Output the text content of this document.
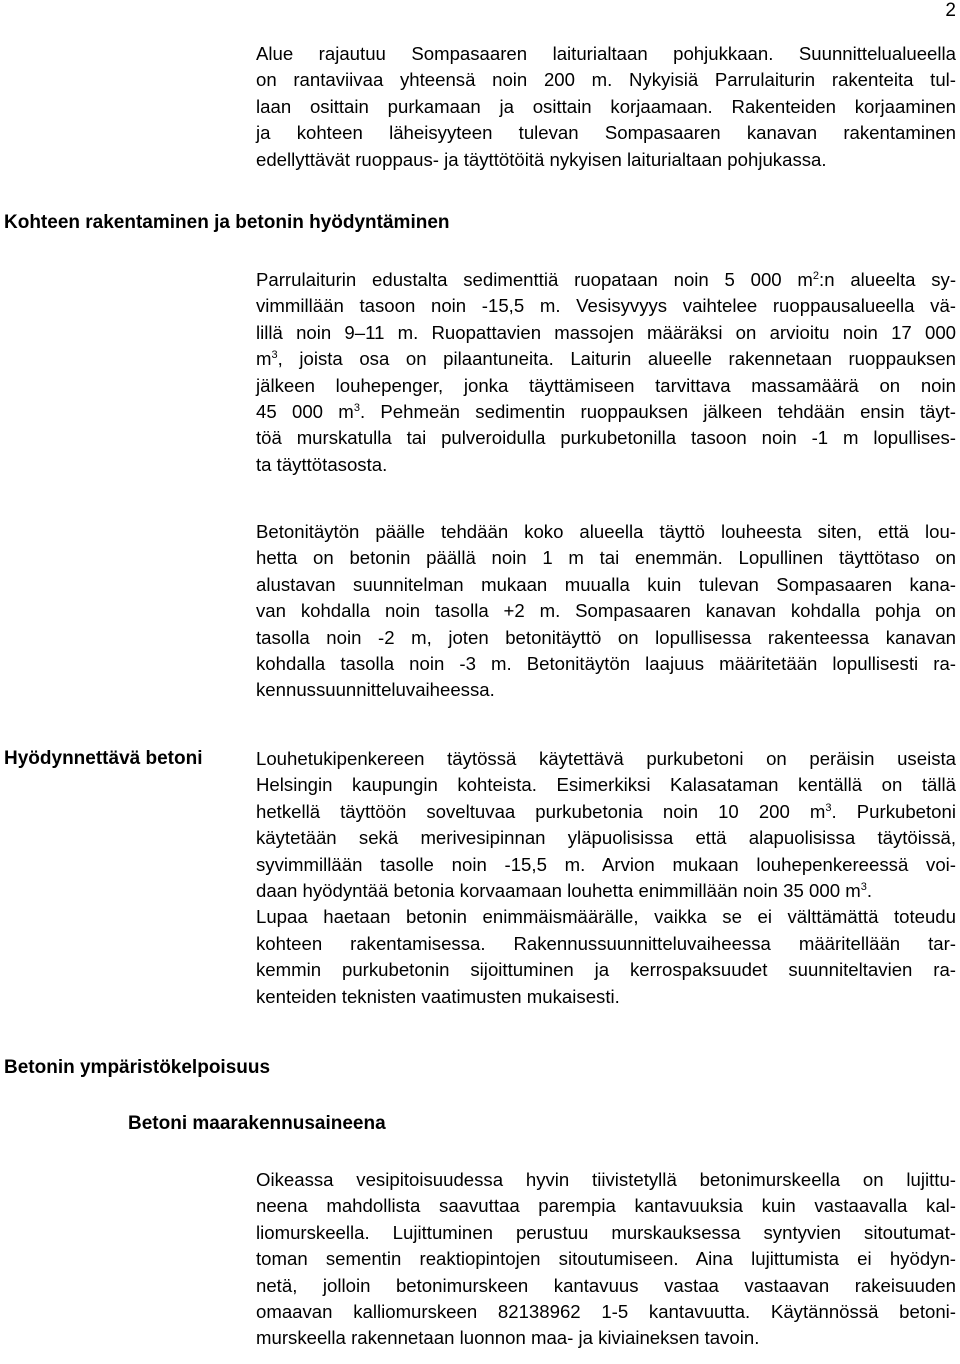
2
Alue rajautuu Sompasaaren laiturialtaan pohjukkaan. Suunnittelualueella
on rantaviivaa yhteensä noin 200 m. Nykyisiä Parrulaiturin rakenteita tul-
laan osittain purkamaan ja osittain korjaamaan. Rakenteiden korjaaminen
ja kohteen läheisyyteen tulevan Sompasaaren kanavan rakentaminen
edellyttävät ruoppaus- ja täyttötöitä nykyisen laiturialtaan pohjukassa.
Kohteen rakentaminen ja betonin hyödyntäminen
Parrulaiturin edustalta sedimenttiä ruopataan noin 5 000 $m^2:n$ alueelta sy-
vimmillään tasoon noin -15,5 m. Vesisyvyys vaihtelee ruoppausalueella vä-
lillä noin 9–11 m. Ruopattavien massojen määräksi on arvioitu noin 17 000
$m^3$, joista osa on pilaantuneita. Laiturin alueelle rakennetaan ruoppauksen
jälkeen louhepenger, jonka täyttämiseen tarvittava massamäärä on noin
45 000 $m^3$. Pehmeän sedimentin ruoppauksen jälkeen tehdään ensin täyt-
töä murskatulla tai pulveroidulla purkubetonilla tasoon noin -1 m lopullises-
ta täyttötasosta.
Betonitäytön päälle tehdään koko alueella täyttö louheesta siten, että lou-
hetta on betonin päällä noin 1 m tai enemmän. Lopullinen täyttötaso on
alustavan suunnitelman mukaan muualla kuin tulevan Sompasaaren kana-
van kohdalla noin tasolla +2 m. Sompasaaren kanavan kohdalla pohja on
tasolla noin -2 m, joten betonitäyttö on lopullisessa rakenteessa kanavan
kohdalla tasolla noin -3 m. Betonitäytön laajuus määritetään lopullisesti ra-
kennussuunnitteluvaiheessa.
Hyödynnettävä betoni	Louhetukipenkereen täytössä käytettävä purkubetoni on peräisin useista
Helsingin kaupungin kohteista. Esimerkiksi Kalasataman kentällä on tällä
hetkellä täyttöön soveltuvaa purkubetonia noin 10 200 $m^3$. Purkubetoni
käytetään sekä merivesipinnan yläpuolisissa että alapuolisissa täytöissä,
syvimmillään tasolle noin -15,5 m. Arvion mukaan louhepenkereessä voi-
daan hyödyntää betonia korvaamaan louhetta enimmillään noin 35 000 $m^3$.
Lupaa haetaan betonin enimmäismäärälle, vaikka se ei välttämättä toteudu
kohteen rakentamisessa. Rakennussuunnitteluvaiheessa määritellään tar-
kemmin purkubetonin sijoittuminen ja kerrospaksuudet suunniteltavien ra-
kenteiden teknisten vaatimusten mukaisesti.
Betonin ympäristökelpoisuus
Betoni maarakennusaineena
Oikeassa vesipitoisuudessa hyvin tiivistetyllä betonimurskeella on lujittu-
neena mahdollista saavuttaa parempia kantavuuksia kuin vastaavalla kal-
liomurskeella. Lujittuminen perustuu murskauksessa syntyvien sitoutumat-
toman sementin reaktiopintojen sitoutumiseen. Aina lujittumista ei hyödyn-
netä, jolloin betonimurskeen kantavuus vastaa vastaavan rakeisuuden
omaavan kalliomurskeen 82138962 1-5 kantavuutta. Käytännössä betoni-
murskeella rakennetaan luonnon maa- ja kiviaineksen tavoin.
